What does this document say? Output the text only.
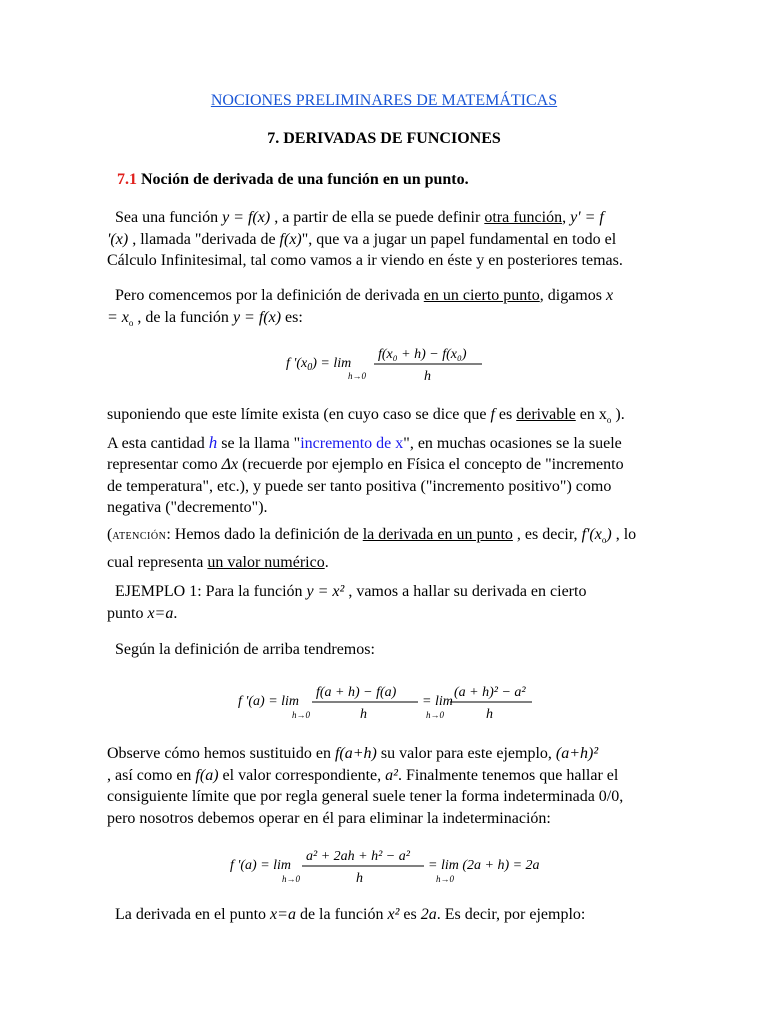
NOCIONES PRELIMINARES DE MATEMÁTICAS
7. DERIVADAS DE FUNCIONES
7.1 Noción de derivada de una función en un punto.
Sea una función y = f(x) , a partir de ella se puede definir otra función, y' = f
'(x) , llamada "derivada de f(x)", que va a jugar un papel fundamental en todo el
Cálculo Infinitesimal, tal como vamos a ir viendo en éste y en posteriores temas.
Pero comencemos por la definición de derivada en un cierto punto, digamos x
= $x_o$ , de la función y = f(x) es:
f '$(x_0) = \lim$
h→0
f(x₀ + h) − f(x₀)
h
suponiendo que este límite exista (en cuyo caso se dice que f es derivable en $x_o$ ).
A esta cantidad h se la llama "incremento de x", en muchas ocasiones se la suele
representar como Δx (recuerde por ejemplo en Física el concepto de "incremento
de temperatura", etc.), y puede ser tanto positiva ("incremento positivo") como
negativa ("decremento").
(ATENCIÓN: Hemos dado la definición de la derivada en un punto , es decir, $f'(x_o)$ , lo
cual representa un valor numérico.
EJEMPLO 1: Para la función y = x² , vamos a hallar su derivada en cierto
punto x=a.
Según la definición de arriba tendremos:
f '(a) = lim
h→0
f(a + h) − f(a)
h
= lim
h→0
(a + h)² − a²
h
Observe cómo hemos sustituido en f(a+h) su valor para este ejemplo, (a+h)²
, así como en f(a) el valor correspondiente, a². Finalmente tenemos que hallar el
consiguiente límite que por regla general suele tener la forma indeterminada 0/0,
pero nosotros debemos operar en él para eliminar la indeterminación:
f '(a) = lim
h→0
a² + 2ah + h² − a²
h
= lim (2a + h) = 2a
h→0
La derivada en el punto x=a de la función x² es 2a. Es decir, por ejemplo:
